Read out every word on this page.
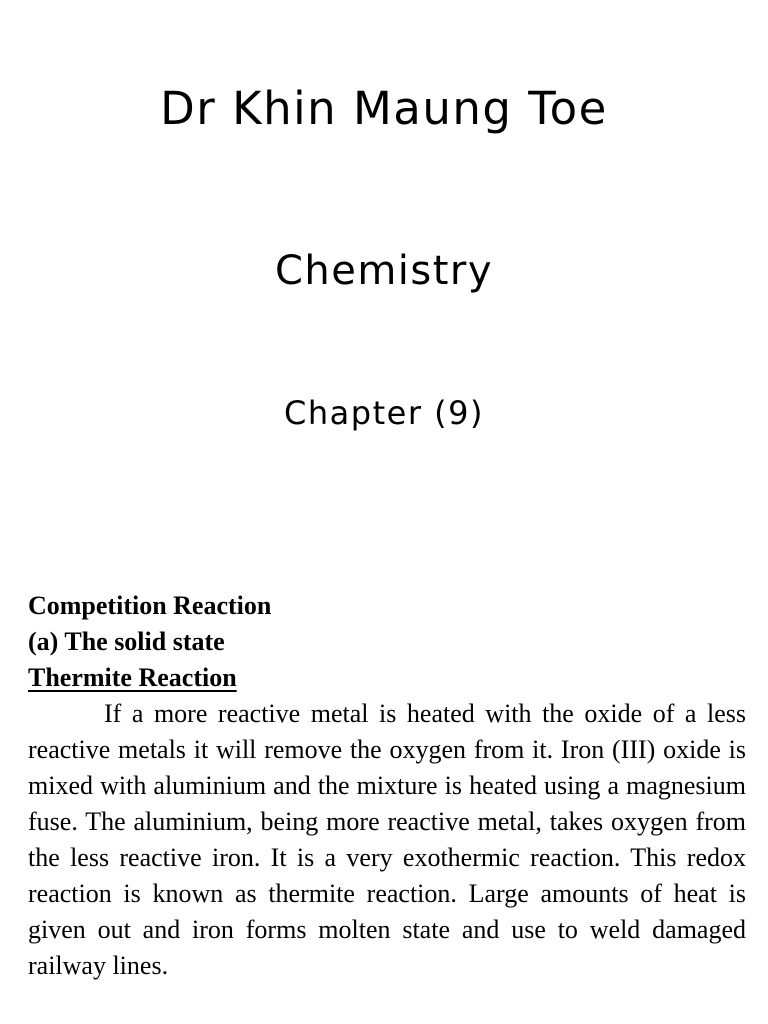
Dr Khin Maung Toe
Chemistry
Chapter (9)

Competition Reaction

(a) The solid state

Thermite Reaction

If a more reactive metal is heated with the oxide of a less reactive metals it will remove the oxygen from it. Iron (III) oxide is mixed with aluminium and the mixture is heated using a magnesium fuse. The aluminium, being more reactive metal, takes oxygen from the less reactive iron. It is a very exothermic reaction. This redox reaction is known as thermite reaction. Large amounts of heat is given out and iron forms molten state and use to weld damaged railway lines.
